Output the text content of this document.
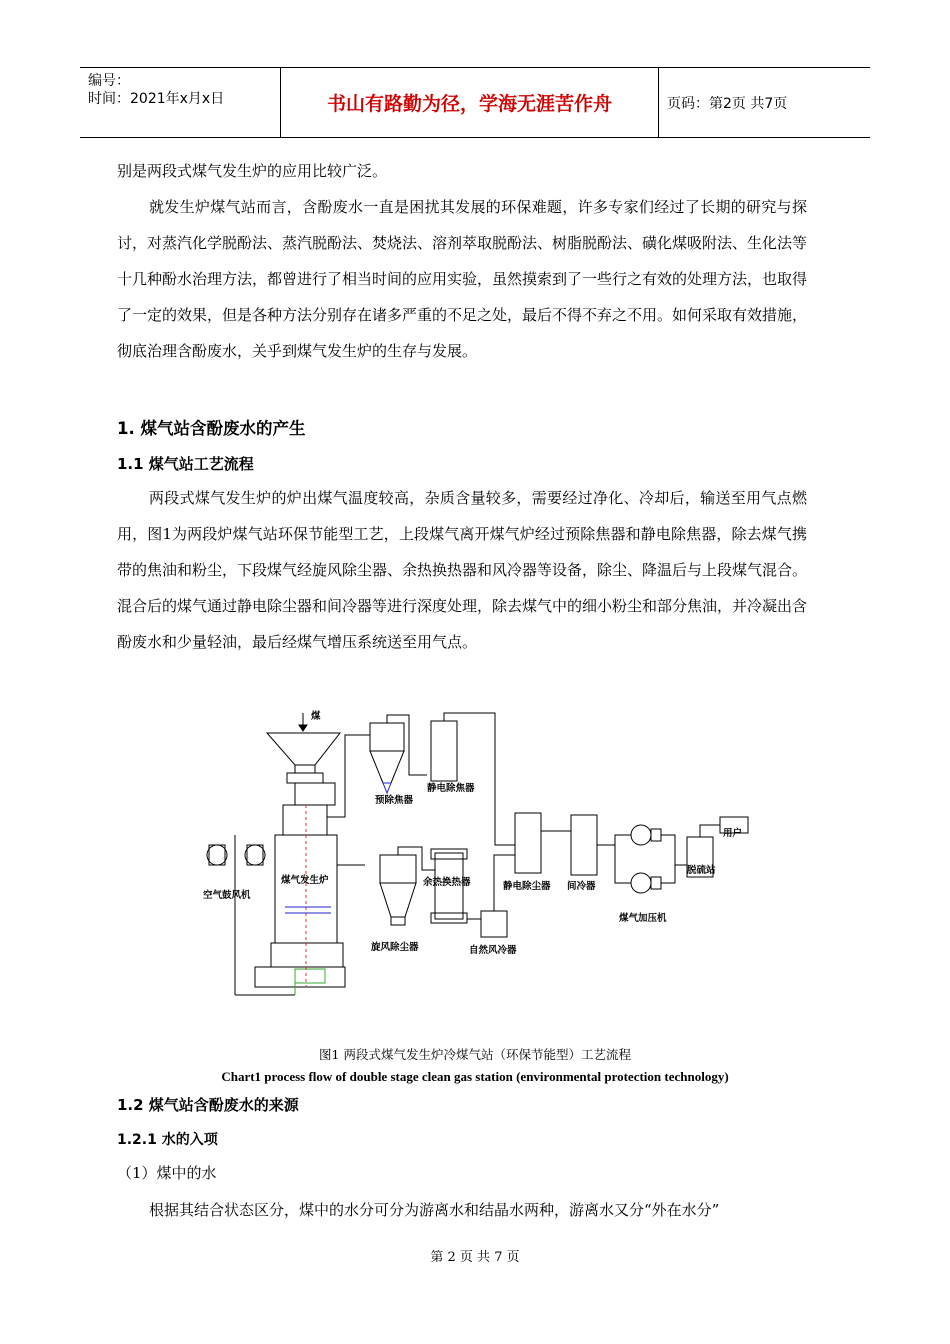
编号：
时间：2021年x月x日	书山有路勤为径，学海无涯苦作舟	页码：第2页 共7页
别是两段式煤气发生炉的应用比较广泛。
就发生炉煤气站而言，含酚废水一直是困扰其发展的环保难题，许多专家们经过了长期的研究与探讨，对蒸汽化学脱酚法、蒸汽脱酚法、焚烧法、溶剂萃取脱酚法、树脂脱酚法、磺化煤吸附法、生化法等十几种酚水治理方法，都曾进行了相当时间的应用实验，虽然摸索到了一些行之有效的处理方法，也取得了一定的效果，但是各种方法分别存在诸多严重的不足之处，最后不得不弃之不用。如何采取有效措施，彻底治理含酚废水，关乎到煤气发生炉的生存与发展。
1. 煤气站含酚废水的产生
1.1 煤气站工艺流程
两段式煤气发生炉的炉出煤气温度较高，杂质含量较多，需要经过净化、冷却后，输送至用气点燃用，图1为两段炉煤气站环保节能型工艺，上段煤气离开煤气炉经过预除焦器和静电除焦器，除去煤气携带的焦油和粉尘，下段煤气经旋风除尘器、余热换热器和风冷器等设备，除尘、降温后与上段煤气混合。混合后的煤气通过静电除尘器和间冷器等进行深度处理，除去煤气中的细小粉尘和部分焦油，并冷凝出含酚废水和少量轻油，最后经煤气增压系统送至用气点。
煤
预除焦器
静电除焦器
空气鼓风机
煤气发生炉
旋风除尘器
余热换热器
自然风冷器
静电除尘器 间冷器
煤气加压机
脱硫站
用户
图1 两段式煤气发生炉冷煤气站（环保节能型）工艺流程
Chart1 process flow of double stage clean gas station (environmental protection technology)
1.2 煤气站含酚废水的来源
1.2.1 水的入项
（1）煤中的水
根据其结合状态区分，煤中的水分可分为游离水和结晶水两种，游离水又分“外在水分”
第 2 页 共 7 页
